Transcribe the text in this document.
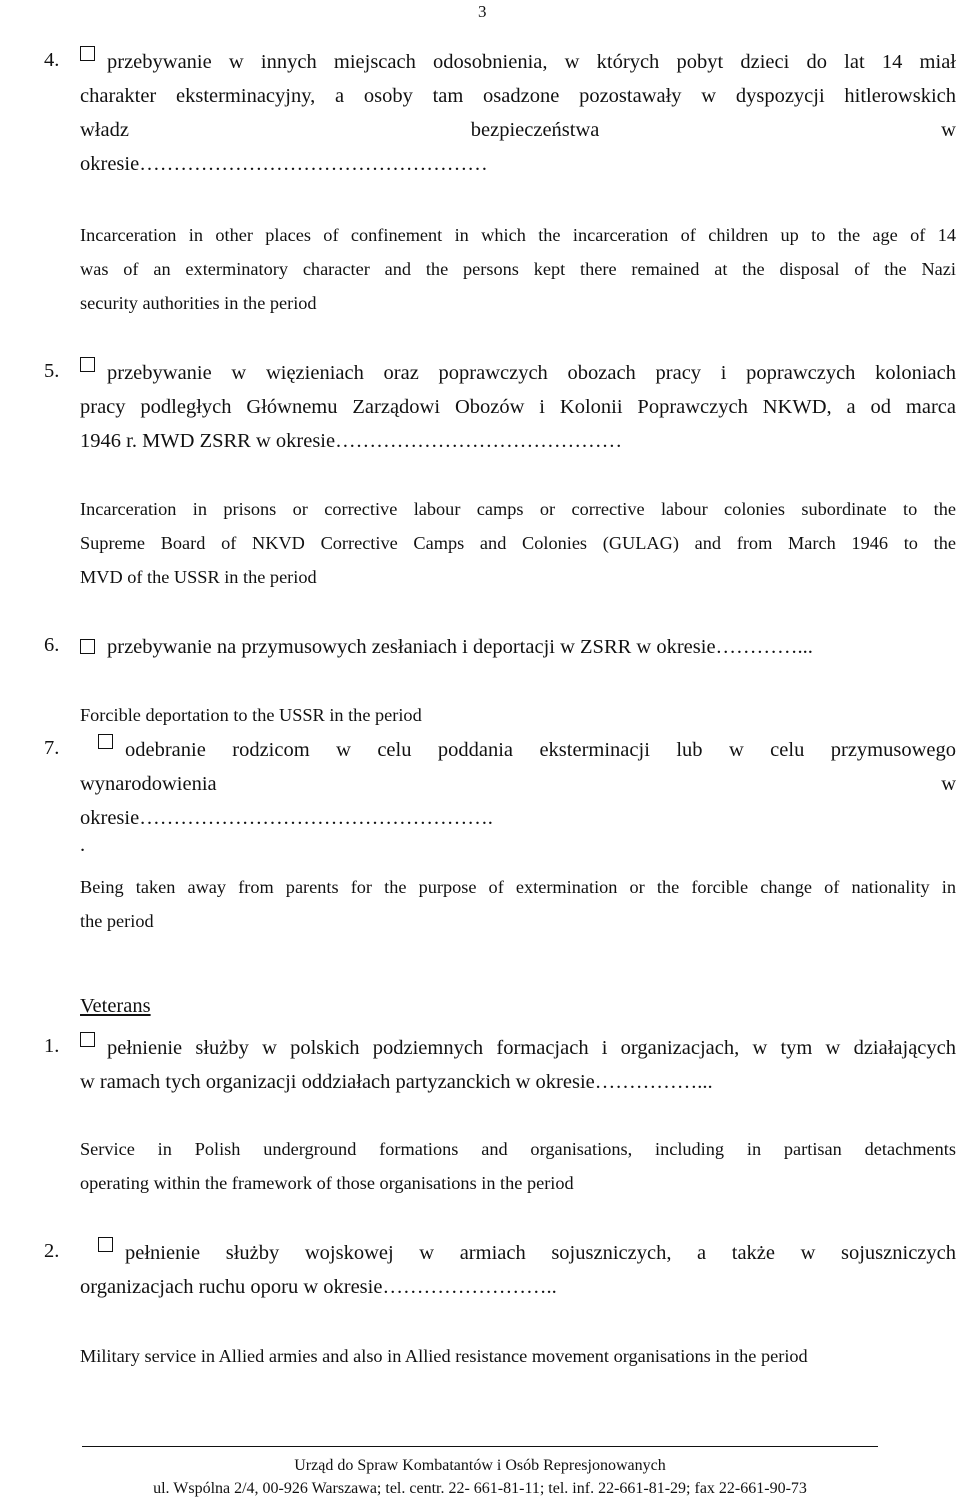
3
4. przebywanie w innych miejscach odosobnienia, w których pobyt dzieci do lat 14 miał
charakter eksterminacyjny, a osoby tam osadzone pozostawały w dyspozycji hitlerowskich
władz	bezpieczeństwa	w
okresie……………………………………………
Incarceration in other places of confinement in which the incarceration of children up to the age of 14
was of an exterminatory character and the persons kept there remained at the disposal of the Nazi
security authorities in the period
5. przebywanie w więzieniach oraz poprawczych obozach pracy i poprawczych koloniach
pracy podległych Głównemu Zarządowi Obozów i Kolonii Poprawczych NKWD, a od marca
1946 r. MWD ZSRR w okresie……………………………………
Incarceration in prisons or corrective labour camps or corrective labour colonies subordinate to the
Supreme Board of NKVD Corrective Camps and Colonies (GULAG) and from March 1946 to the
MVD of the USSR in the period
6.	przebywanie na przymusowych zesłaniach i deportacji w ZSRR w okresie…………...
Forcible deportation to the USSR in the period
7.	odebranie rodzicom w celu poddania eksterminacji lub w celu przymusowego
wynarodowienia	w
okresie…………………………………………….
.
Being taken away from parents for the purpose of extermination or the forcible change of nationality in
the period
Veterans
1. pełnienie służby w polskich podziemnych formacjach i organizacjach, w tym w działających
w ramach tych organizacji oddziałach partyzanckich w okresie……………...
Service in Polish underground formations and organisations, including in partisan detachments
operating within the framework of those organisations in the period
2.	pełnienie służby wojskowej w armiach sojuszniczych, a także w sojuszniczych
organizacjach ruchu oporu w okresie……………………..
Military service in Allied armies and also in Allied resistance movement organisations in the period
Urząd do Spraw Kombatantów i Osób Represjonowanych
ul. Wspólna 2/4, 00-926 Warszawa; tel. centr. 22- 661-81-11; tel. inf. 22-661-81-29; fax 22-661-90-73
